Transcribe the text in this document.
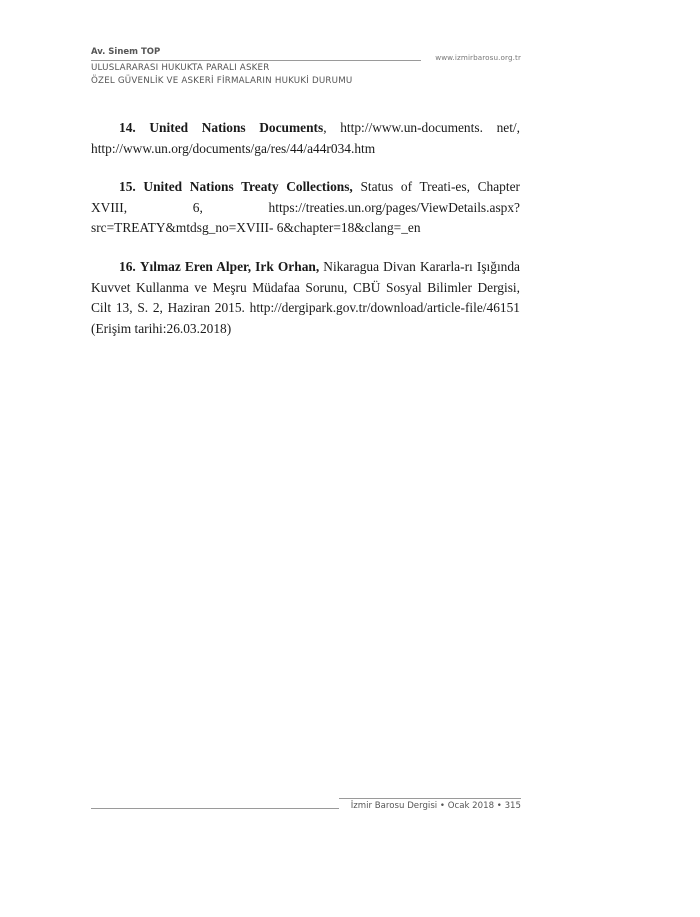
Av. Sinem TOP
www.izmirbarosu.org.tr
ULUSLARARASI HUKUKTA PARALI ASKER
ÖZEL GÜVENLİK VE ASKERİ FİRMALARIN HUKUKİ DURUMU

14. United Nations Documents, http://www.un-documents. net/, http://www.un.org/documents/ga/res/44/a44r034.htm

15. United Nations Treaty Collections, Status of Treati-es, Chapter XVIII, 6, https://treaties.un.org/pages/ViewDetails.aspx?src=TREATY&mtdsg_no=XVIII- 6&chapter=18&clang=_en

16. Yılmaz Eren Alper, Irk Orhan, Nikaragua Divan Kararla-rı Işığında Kuvvet Kullanma ve Meşru Müdafaa Sorunu, CBÜ Sosyal Bilimler Dergisi, Cilt 13, S. 2, Haziran 2015. http://dergipark.gov.tr/download/article-file/46151 (Erişim tarihi:26.03.2018)

İzmir Barosu Dergisi • Ocak 2018 • 315
